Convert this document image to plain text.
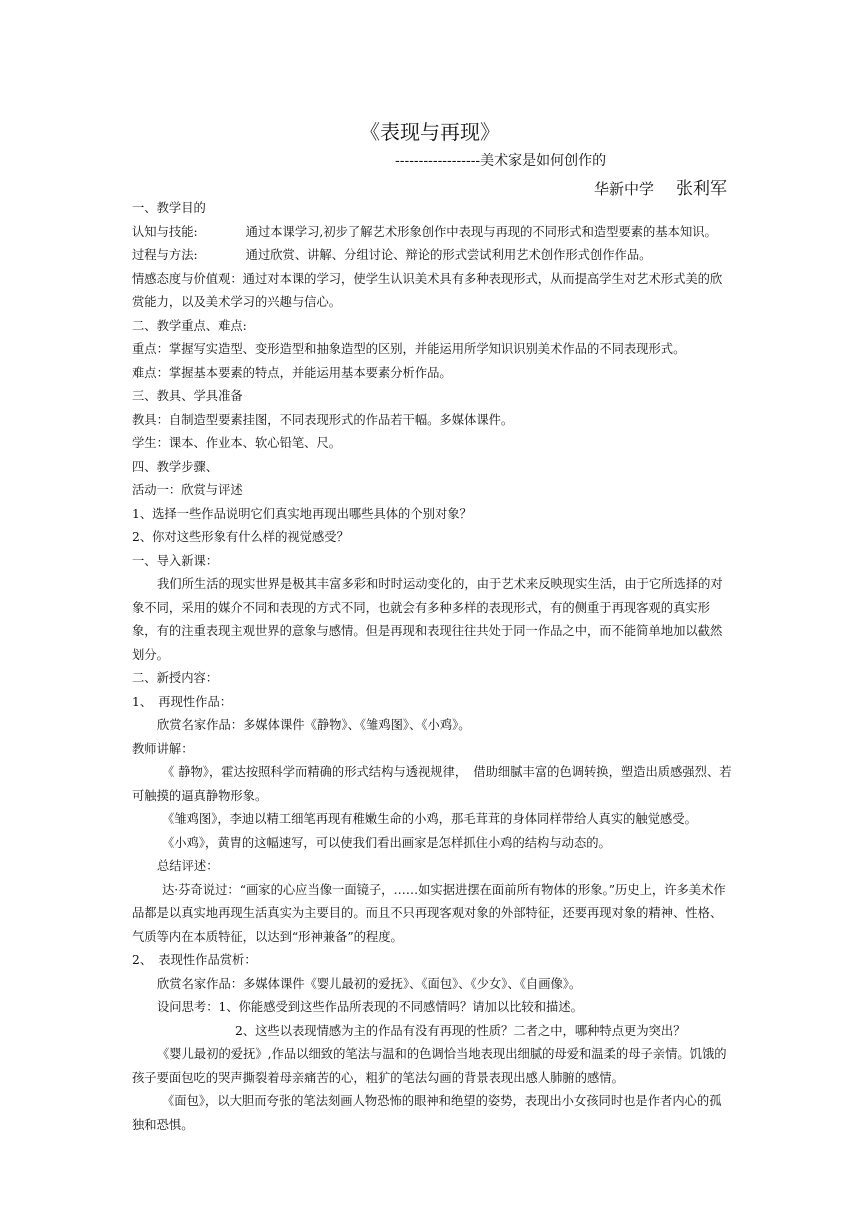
《表现与再现》
------------------美术家是如何创作的
华新中学 张利军

一、教学目的

认知与技能:	通过本课学习,初步了解艺术形象创作中表现与再现的不同形式和造型要素的基本知识。

过程与方法:	通过欣赏、讲解、分组讨论、辩论的形式尝试利用艺术创作形式创作作品。

情感态度与价值观：通过对本课的学习，使学生认识美术具有多种表现形式，从而提高学生对艺术形式美的欣赏能力，以及美术学习的兴趣与信心。

二、教学重点、难点:

重点：掌握写实造型、变形造型和抽象造型的区别，并能运用所学知识识别美术作品的不同表现形式。

难点：掌握基本要素的特点，并能运用基本要素分析作品。

三、教具、学具准备

教具：自制造型要素挂图，不同表现形式的作品若干幅。多媒体课件。

学生：课本、作业本、软心铅笔、尺。

四、教学步骤、

活动一：欣赏与评述

1、选择一些作品说明它们真实地再现出哪些具体的个别对象？

2、你对这些形象有什么样的视觉感受？

一、导入新课：

我们所生活的现实世界是极其丰富多彩和时时运动变化的，由于艺术来反映现实生活，由于它所选择的对象不同，采用的媒介不同和表现的方式不同，也就会有多种多样的表现形式，有的侧重于再现客观的真实形象，有的注重表现主观世界的意象与感情。但是再现和表现往往共处于同一作品之中，而不能简单地加以截然划分。

二、新授内容：

1、　再现性作品：

欣赏名家作品：多媒体课件《静物》、《雏鸡图》、《小鸡》。

教师讲解：

《 静物》，霍达按照科学而精确的形式结构与透视规律，　借助细腻丰富的色调转换，塑造出质感强烈、若可触摸的逼真静物形象。

《雏鸡图》，李迪以精工细笔再现有稚嫩生命的小鸡，那毛茸茸的身体同样带给人真实的触觉感受。

《小鸡》，黄胄的这幅速写，可以使我们看出画家是怎样抓住小鸡的结构与动态的。

总结评述：

达·芬奇说过：“画家的心应当像一面镜子，……如实据进摆在面前所有物体的形象。”历史上，许多美术作品都是以真实地再现生活真实为主要目的。而且不只再现客观对象的外部特征，还要再现对象的精神、性格、气质等内在本质特征，以达到“形神兼备”的程度。

2、　表现性作品赏析：

欣赏名家作品：多媒体课件《婴儿最初的爱抚》、《面包》、《少女》、《自画像》。

设问思考：1、你能感受到这些作品所表现的不同感情吗？请加以比较和描述。

2、这些以表现情感为主的作品有没有再现的性质？二者之中，哪种特点更为突出？

《婴儿最初的爱抚》,作品以细致的笔法与温和的色调恰当地表现出细腻的母爱和温柔的母子亲情。饥饿的孩子要面包吃的哭声撕裂着母亲痛苦的心，粗犷的笔法勾画的背景表现出感人肺腑的感情。

《面包》，以大胆而夸张的笔法刻画人物恐怖的眼神和绝望的姿势，表现出小女孩同时也是作者内心的孤独和恐惧。
